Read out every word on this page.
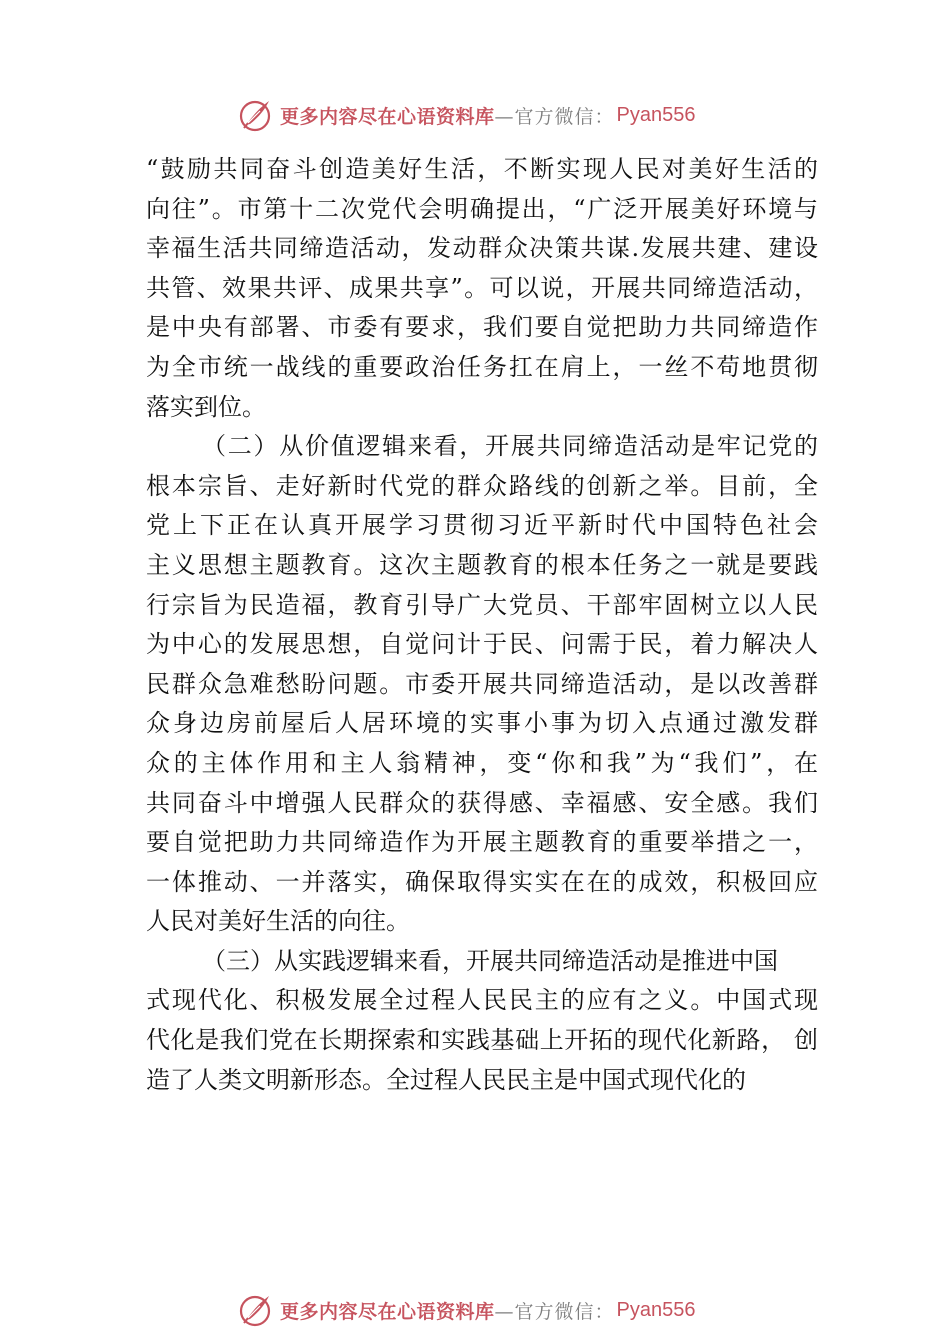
更多内容尽在心语资料库 —官方微信： Pyan556
“鼓励共同奋斗创造美好生活，不断实现人民对美好生活的
向往”。市第十二次党代会明确提出，“广泛开展美好环境与
幸福生活共同缔造活动，发动群众决策共谋.发展共建、建设
共管、效果共评、成果共享”。可以说，开展共同缔造活动，
是中央有部署、市委有要求，我们要自觉把助力共同缔造作
为全市统一战线的重要政治任务扛在肩上，一丝不苟地贯彻
落实到位。
（二）从价值逻辑来看，开展共同缔造活动是牢记党的
根本宗旨、走好新时代党的群众路线的创新之举。目前，全
党上下正在认真开展学习贯彻习近平新时代中国特色社会
主义思想主题教育。这次主题教育的根本任务之一就是要践
行宗旨为民造福，教育引导广大党员、干部牢固树立以人民
为中心的发展思想，自觉问计于民、问需于民，着力解决人
民群众急难愁盼问题。市委开展共同缔造活动，是以改善群
众身边房前屋后人居环境的实事小事为切入点通过激发群
众的主体作用和主人翁精神，变“你和我”为“我们”，在
共同奋斗中增强人民群众的获得感、幸福感、安全感。我们
要自觉把助力共同缔造作为开展主题教育的重要举措之一，
一体推动、一并落实，确保取得实实在在的成效，积极回应
人民对美好生活的向往。
（三）从实践逻辑来看，开展共同缔造活动是推进中国
式现代化、积极发展全过程人民民主的应有之义。中国式现
代化是我们党在长期探索和实践基础上开拓的现代化新路， 创
造了人类文明新形态。全过程人民民主是中国式现代化的
更多内容尽在心语资料库 —官方微信： Pyan556
